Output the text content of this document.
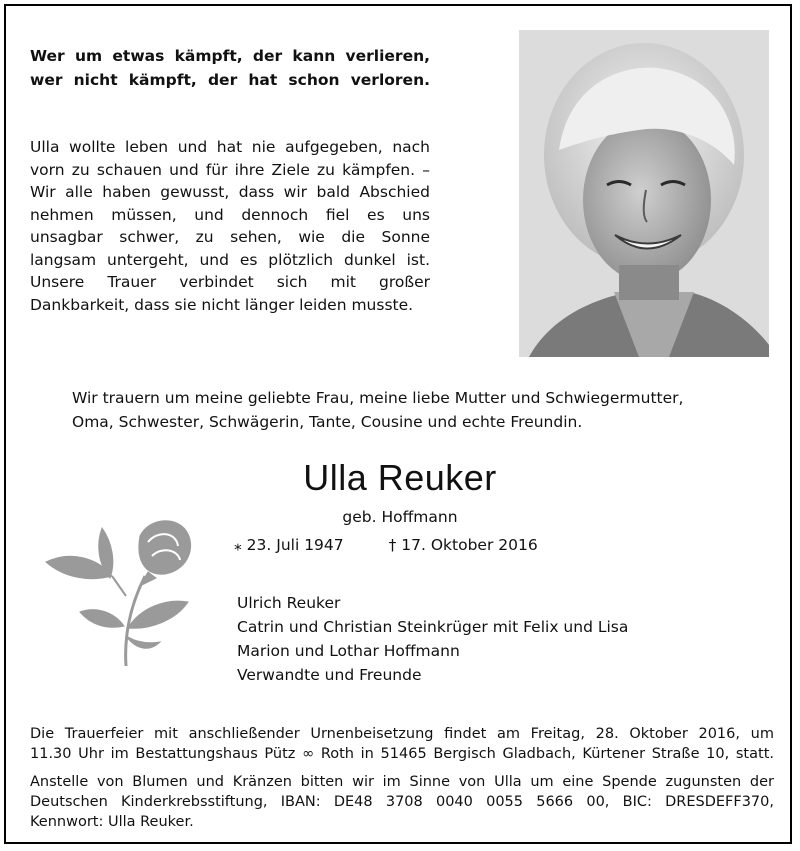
Wer um etwas kämpft, der kann verlieren,
wer nicht kämpft, der hat schon verloren.
Ulla wollte leben und hat nie aufgegeben, nach
vorn zu schauen und für ihre Ziele zu kämpfen. –
Wir alle haben gewusst, dass wir bald Abschied
nehmen müssen, und dennoch fiel es uns
unsagbar schwer, zu sehen, wie die Sonne
langsam untergeht, und es plötzlich dunkel ist.
Unsere Trauer verbindet sich mit großer
Dankbarkeit, dass sie nicht länger leiden musste.
Wir trauern um meine geliebte Frau, meine liebe Mutter und Schwiegermutter,
Oma, Schwester, Schwägerin, Tante, Cousine und echte Freundin.
Ulla Reuker
geb. Hoffmann
⁎ 23. Juli 1947	† 17. Oktober 2016
Ulrich Reuker
Catrin und Christian Steinkrüger mit Felix und Lisa
Marion und Lothar Hoffmann
Verwandte und Freunde
Die Trauerfeier mit anschließender Urnenbeisetzung findet am Freitag, 28. Oktober 2016, um
11.30 Uhr im Bestattungshaus Pütz ∞ Roth in 51465 Bergisch Gladbach, Kürtener Straße 10, statt.
Anstelle von Blumen und Kränzen bitten wir im Sinne von Ulla um eine Spende zugunsten der
Deutschen Kinderkrebsstiftung, IBAN: DE48 3708 0040 0055 5666 00, BIC: DRESDEFF370,
Kennwort: Ulla Reuker.
